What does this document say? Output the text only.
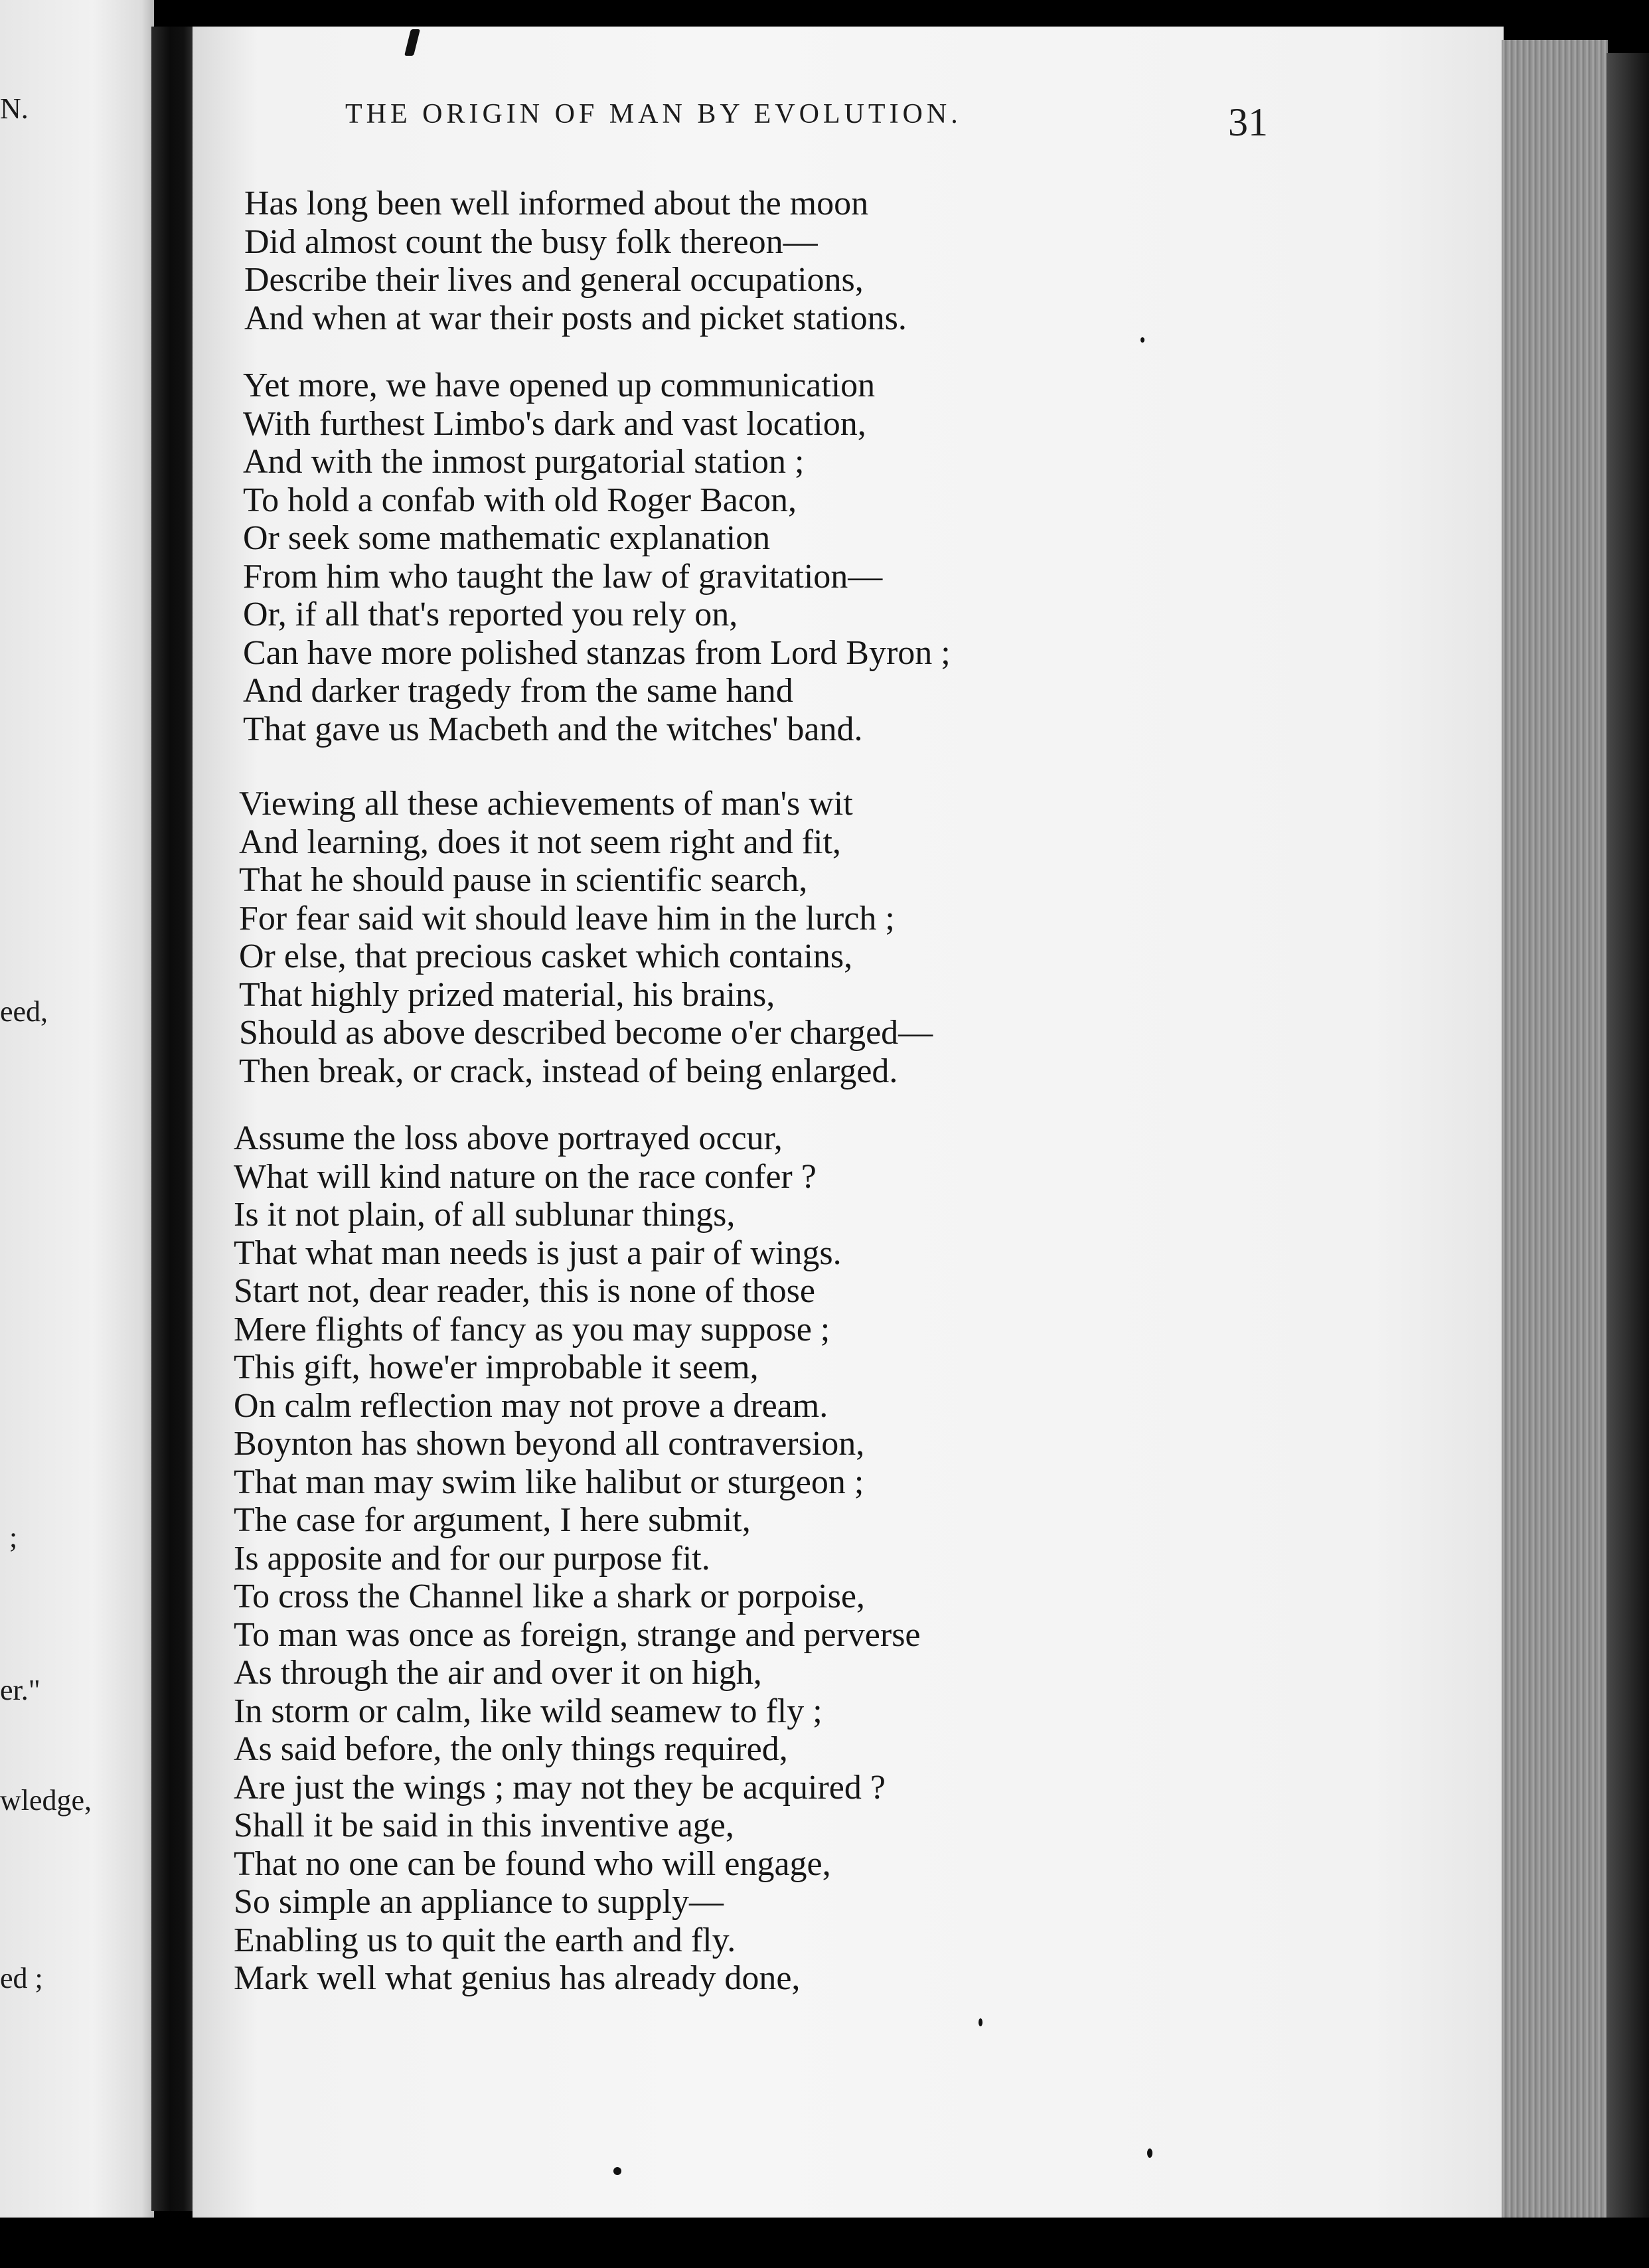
N.
eed,
;
er."
wledge,
ed ;
THE ORIGIN OF MAN BY EVOLUTION.	31
Has long been well informed about the moon
Did almost count the busy folk thereon—
Describe their lives and general occupations,
And when at war their posts and picket stations.
Yet more, we have opened up communication
With furthest Limbo's dark and vast location,
And with the inmost purgatorial station ;
To hold a confab with old Roger Bacon,
Or seek some mathematic explanation
From him who taught the law of gravitation—
Or, if all that's reported you rely on,
Can have more polished stanzas from Lord Byron ;
And darker tragedy from the same hand
That gave us Macbeth and the witches' band.
Viewing all these achievements of man's wit
And learning, does it not seem right and fit,
That he should pause in scientific search,
For fear said wit should leave him in the lurch ;
Or else, that precious casket which contains,
That highly prized material, his brains,
Should as above described become o'er charged—
Then break, or crack, instead of being enlarged.
Assume the loss above portrayed occur,
What will kind nature on the race confer ?
Is it not plain, of all sublunar things,
That what man needs is just a pair of wings.
Start not, dear reader, this is none of those
Mere flights of fancy as you may suppose ;
This gift, howe'er improbable it seem,
On calm reflection may not prove a dream.
Boynton has shown beyond all contraversion,
That man may swim like halibut or sturgeon ;
The case for argument, I here submit,
Is apposite and for our purpose fit.
To cross the Channel like a shark or porpoise,
To man was once as foreign, strange and perverse
As through the air and over it on high,
In storm or calm, like wild seamew to fly ;
As said before, the only things required,
Are just the wings ; may not they be acquired ?
Shall it be said in this inventive age,
That no one can be found who will engage,
So simple an appliance to supply—
Enabling us to quit the earth and fly.
Mark well what genius has already done,
